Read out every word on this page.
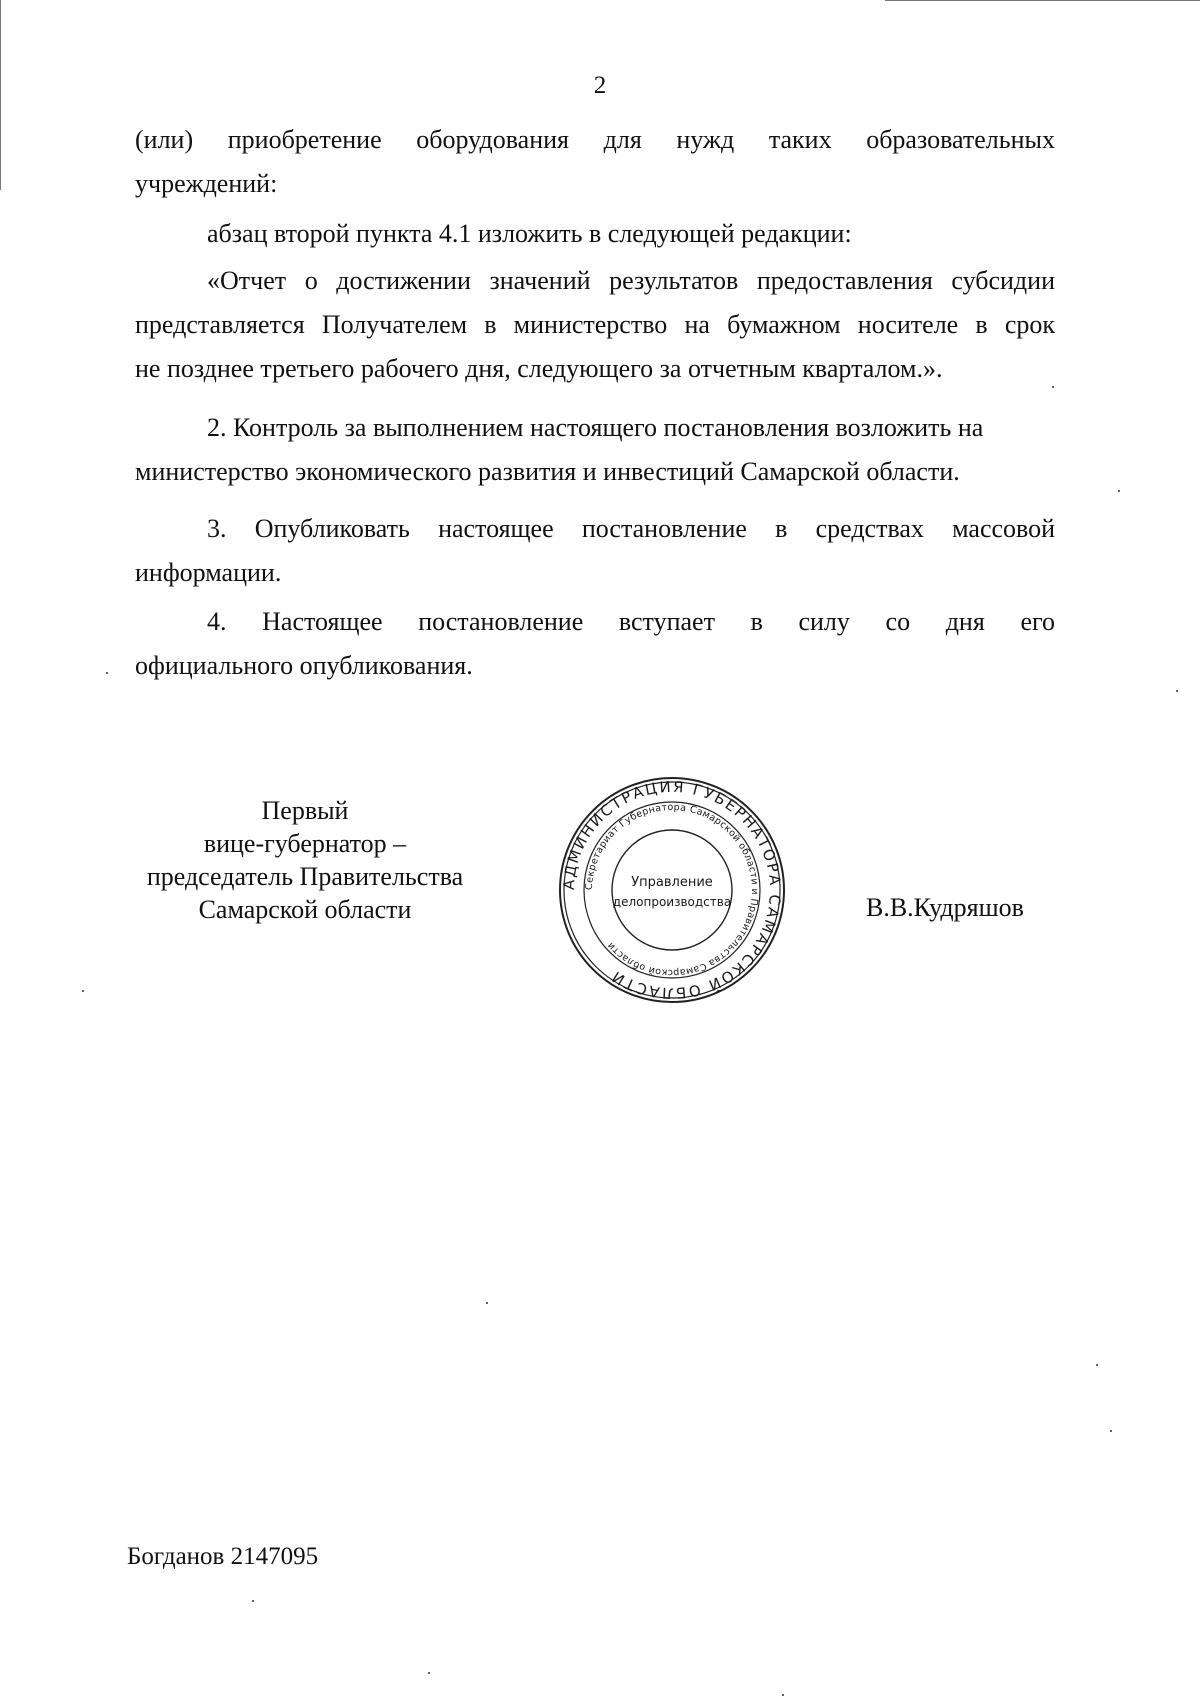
2
(или) приобретение оборудования для нужд таких образовательных
учреждений:
абзац второй пункта 4.1 изложить в следующей редакции:
«Отчет о достижении значений результатов предоставления субсидии
представляется Получателем в министерство на бумажном носителе в срок
не позднее третьего рабочего дня, следующего за отчетным кварталом.».
2. Контроль за выполнением настоящего постановления возложить на
министерство экономического развития и инвестиций Самарской области.
3. Опубликовать настоящее постановление в средствах массовой
информации.
4. Настоящее постановление вступает в силу со дня его
официального опубликования.
Первый
вице-губернатор –
председатель Правительства
Самарской области
АДМИНИСТРАЦИЯ ГУБЕРНАТОРА САМАРСКОЙ ОБЛАСТИ
Секретариат Губернатора Самарской области и Правительства Самарской области
Управление
делопроизводства	В.В.Кудряшов
Богданов 2147095
